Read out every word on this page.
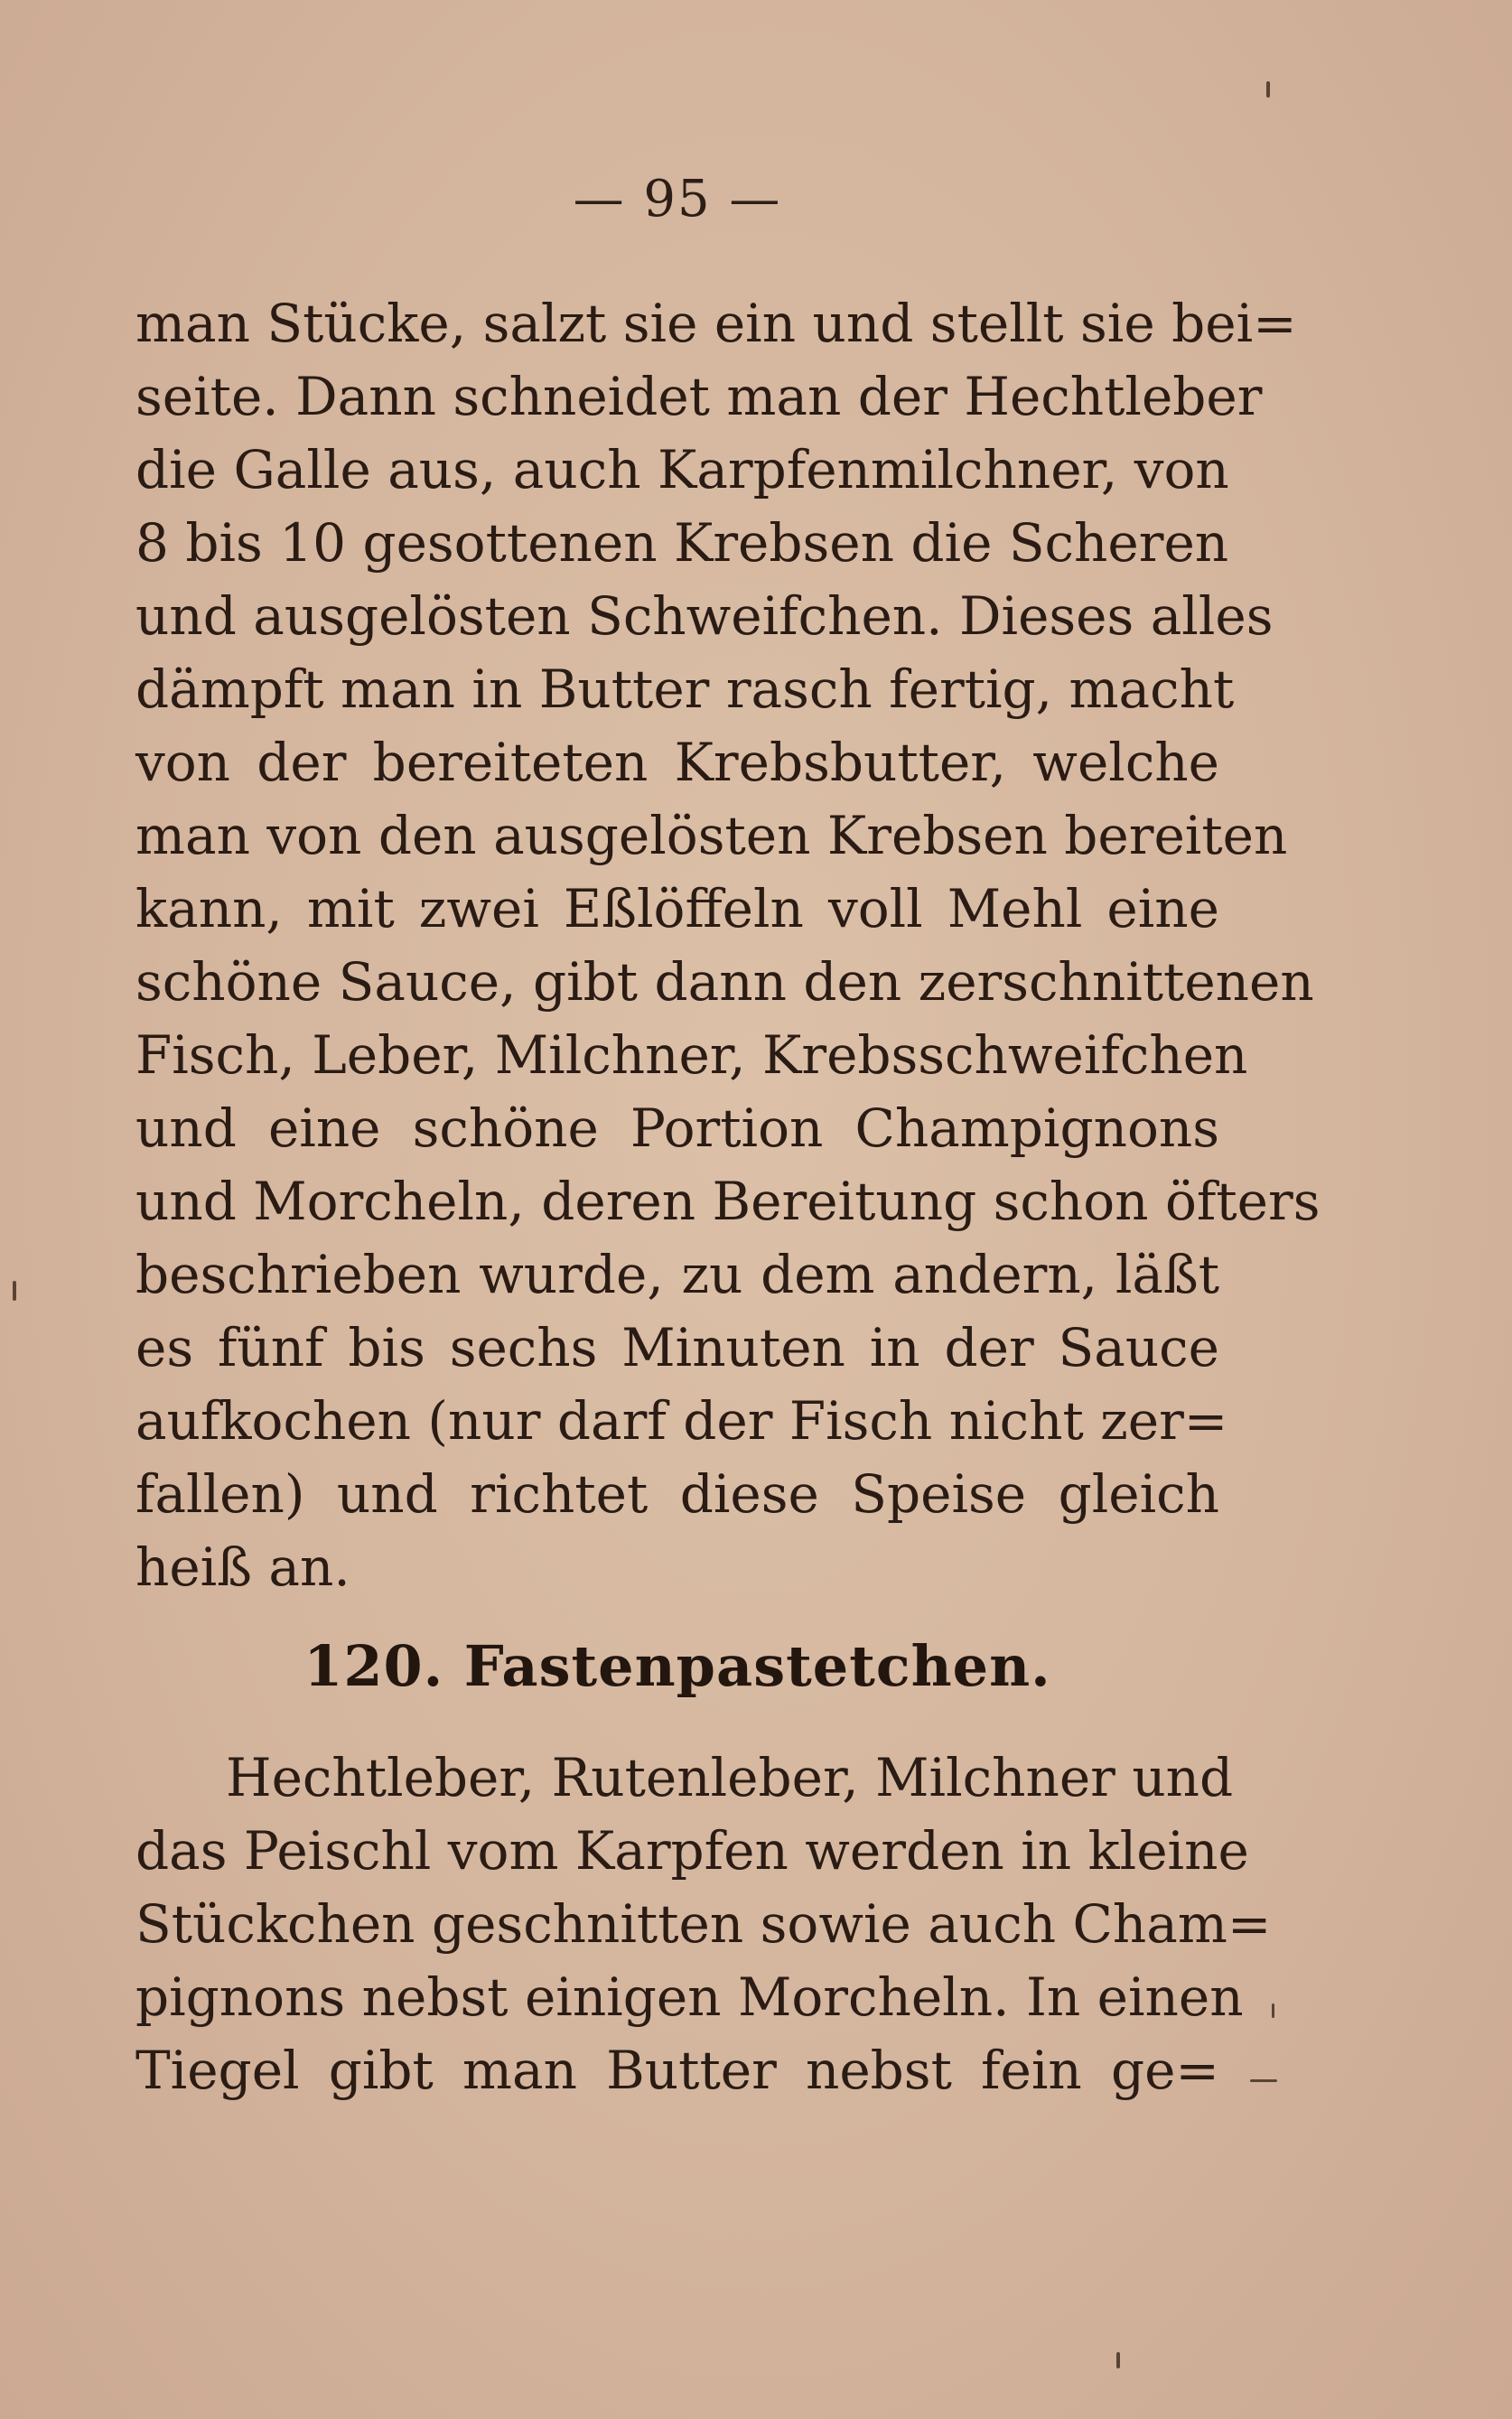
— 95 —
man Stücke, salzt sie ein und stellt sie bei=
seite. Dann schneidet man der Hechtleber
die Galle aus, auch Karpfenmilchner, von
8 bis 10 gesottenen Krebsen die Scheren
und ausgelösten Schweifchen. Dieses alles
dämpft man in Butter rasch fertig, macht
von der bereiteten Krebsbutter, welche
man von den ausgelösten Krebsen bereiten
kann, mit zwei Eßlöffeln voll Mehl eine
schöne Sauce, gibt dann den zerschnittenen
Fisch, Leber, Milchner, Krebsschweifchen
und eine schöne Portion Champignons
und Morcheln, deren Bereitung schon öfters
beschrieben wurde, zu dem andern, läßt
es fünf bis sechs Minuten in der Sauce
aufkochen (nur darf der Fisch nicht zer=
fallen) und richtet diese Speise gleich
heiß an.
120. Fastenpastetchen.
Hechtleber, Rutenleber, Milchner und
das Peischl vom Karpfen werden in kleine
Stückchen geschnitten sowie auch Cham=
pignons nebst einigen Morcheln. In einen
Tiegel gibt man Butter nebst fein ge=
